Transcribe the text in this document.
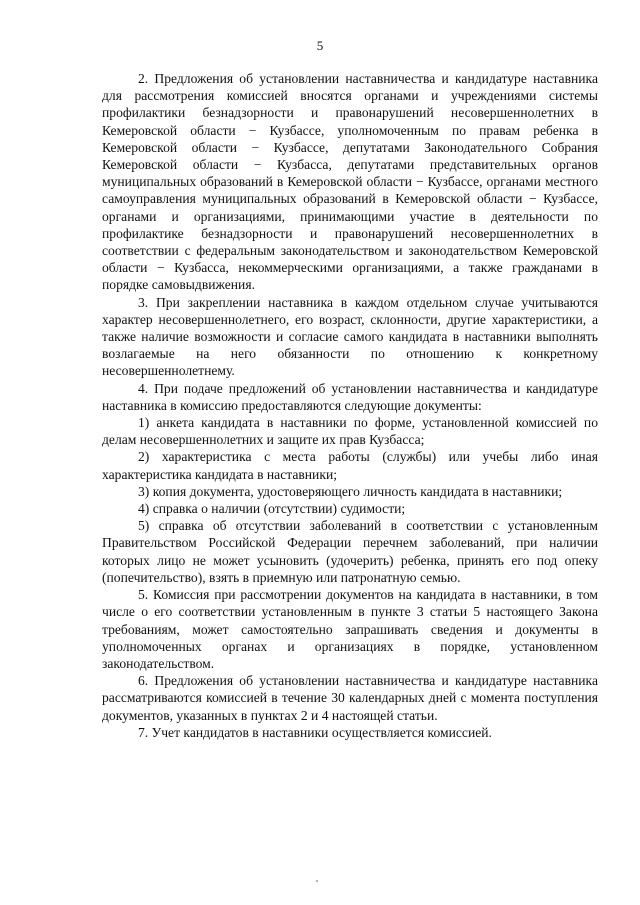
5

2. Предложения об установлении наставничества и кандидатуре наставника для рассмотрения комиссией вносятся органами и учреждениями системы профилактики безнадзорности и правонарушений несовершеннолетних в Кемеровской области − Кузбассе, уполномоченным по правам ребенка в Кемеровской области − Кузбассе, депутатами Законодательного Собрания Кемеровской области − Кузбасса, депутатами представительных органов муниципальных образований в Кемеровской области − Кузбассе, органами местного самоуправления муниципальных образований в Кемеровской области − Кузбассе, органами и организациями, принимающими участие в деятельности по профилактике безнадзорности и правонарушений несовершеннолетних в соответствии с федеральным законодательством и законодательством Кемеровской области − Кузбасса, некоммерческими организациями, а также гражданами в порядке самовыдвижения.

3. При закреплении наставника в каждом отдельном случае учитываются характер несовершеннолетнего, его возраст, склонности, другие характеристики, а также наличие возможности и согласие самого кандидата в наставники выполнять возлагаемые на него обязанности по отношению к конкретному несовершеннолетнему.

4. При подаче предложений об установлении наставничества и кандидатуре наставника в комиссию предоставляются следующие документы:

1) анкета кандидата в наставники по форме, установленной комиссией по делам несовершеннолетних и защите их прав Кузбасса;

2) характеристика с места работы (службы) или учебы либо иная характеристика кандидата в наставники;

3) копия документа, удостоверяющего личность кандидата в наставники;

4) справка о наличии (отсутствии) судимости;

5) справка об отсутствии заболеваний в соответствии с установленным Правительством Российской Федерации перечнем заболеваний, при наличии которых лицо не может усыновить (удочерить) ребенка, принять его под опеку (попечительство), взять в приемную или патронатную семью.

5. Комиссия при рассмотрении документов на кандидата в наставники, в том числе о его соответствии установленным в пункте 3 статьи 5 настоящего Закона требованиям, может самостоятельно запрашивать сведения и документы в уполномоченных органах и организациях в порядке, установленном законодательством.

6. Предложения об установлении наставничества и кандидатуре наставника рассматриваются комиссией в течение 30 календарных дней с момента поступления документов, указанных в пунктах 2 и 4 настоящей статьи.

7. Учет кандидатов в наставники осуществляется комиссией.
